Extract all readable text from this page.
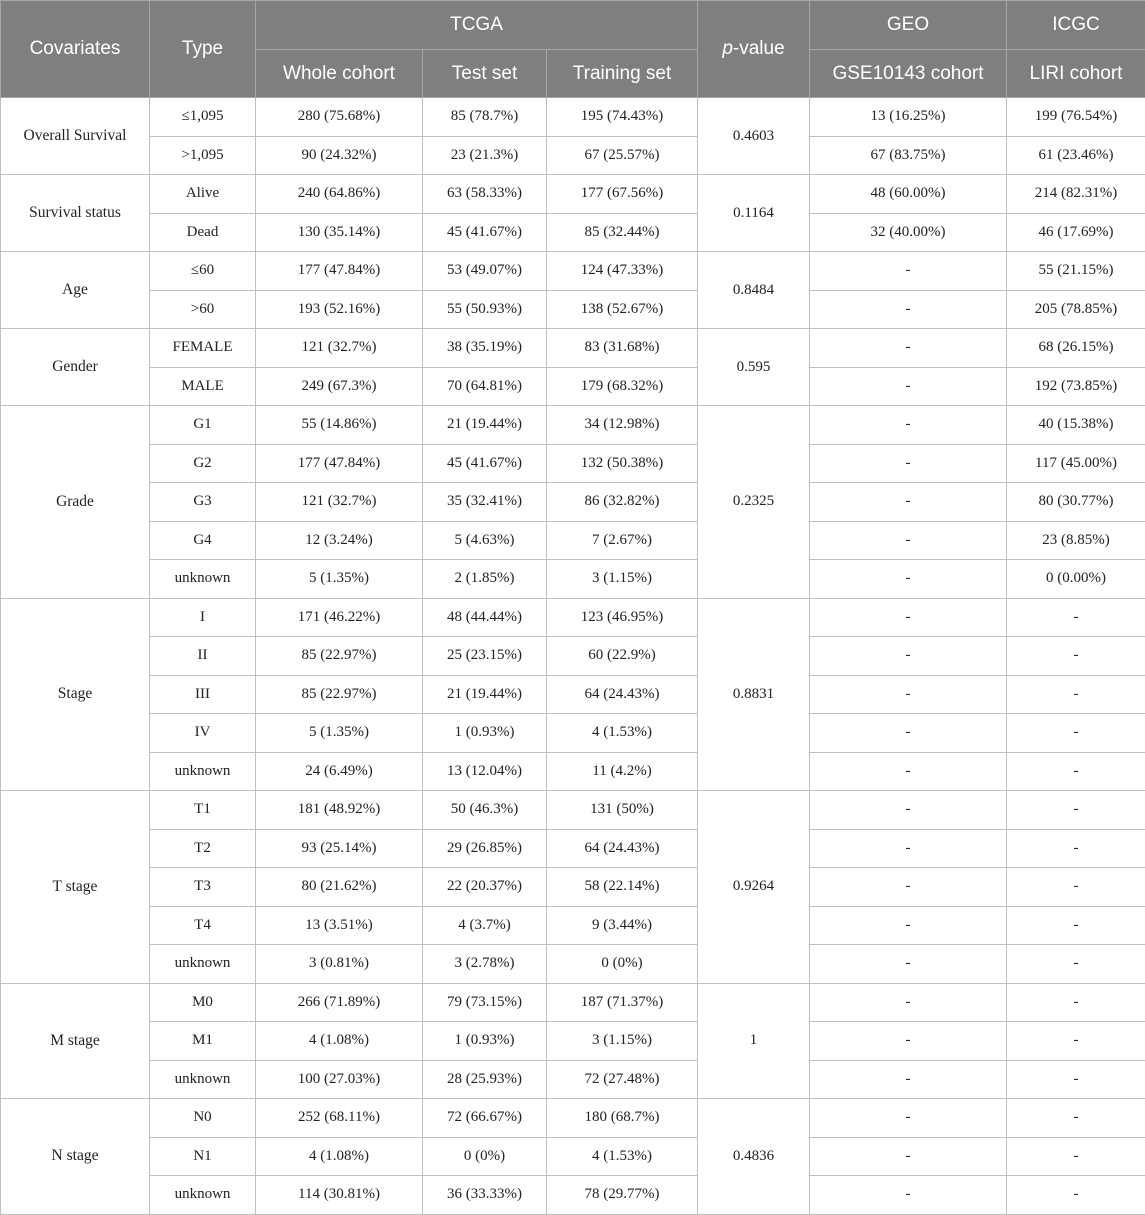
Covariates	Type	TCGA			p-value	GEO	ICGC
		Whole cohort	Test set	Training set		GSE10143 cohort	LIRI cohort
Overall Survival	≤1,095	280 (75.68%)	85 (78.7%)	195 (74.43%)	0.4603	13 (16.25%)	199 (76.54%)
	>1,095	90 (24.32%)	23 (21.3%)	67 (25.57%)		67 (83.75%)	61 (23.46%)
Survival status	Alive	240 (64.86%)	63 (58.33%)	177 (67.56%)	0.1164	48 (60.00%)	214 (82.31%)
	Dead	130 (35.14%)	45 (41.67%)	85 (32.44%)		32 (40.00%)	46 (17.69%)
Age	≤60	177 (47.84%)	53 (49.07%)	124 (47.33%)	0.8484	-	55 (21.15%)
	>60	193 (52.16%)	55 (50.93%)	138 (52.67%)		-	205 (78.85%)
Gender	FEMALE	121 (32.7%)	38 (35.19%)	83 (31.68%)	0.595	-	68 (26.15%)
	MALE	249 (67.3%)	70 (64.81%)	179 (68.32%)		-	192 (73.85%)
Grade	G1	55 (14.86%)	21 (19.44%)	34 (12.98%)	0.2325	-	40 (15.38%)
	G2	177 (47.84%)	45 (41.67%)	132 (50.38%)		-	117 (45.00%)
	G3	121 (32.7%)	35 (32.41%)	86 (32.82%)		-	80 (30.77%)
	G4	12 (3.24%)	5 (4.63%)	7 (2.67%)		-	23 (8.85%)
	unknown	5 (1.35%)	2 (1.85%)	3 (1.15%)		-	0 (0.00%)
Stage	I	171 (46.22%)	48 (44.44%)	123 (46.95%)	0.8831	-	-
	II	85 (22.97%)	25 (23.15%)	60 (22.9%)		-	-
	III	85 (22.97%)	21 (19.44%)	64 (24.43%)		-	-
	IV	5 (1.35%)	1 (0.93%)	4 (1.53%)		-	-
	unknown	24 (6.49%)	13 (12.04%)	11 (4.2%)		-	-
T stage	T1	181 (48.92%)	50 (46.3%)	131 (50%)	0.9264	-	-
	T2	93 (25.14%)	29 (26.85%)	64 (24.43%)		-	-
	T3	80 (21.62%)	22 (20.37%)	58 (22.14%)		-	-
	T4	13 (3.51%)	4 (3.7%)	9 (3.44%)		-	-
	unknown	3 (0.81%)	3 (2.78%)	0 (0%)		-	-
M stage	M0	266 (71.89%)	79 (73.15%)	187 (71.37%)	1	-	-
	M1	4 (1.08%)	1 (0.93%)	3 (1.15%)		-	-
	unknown	100 (27.03%)	28 (25.93%)	72 (27.48%)		-	-
N stage	N0	252 (68.11%)	72 (66.67%)	180 (68.7%)	0.4836	-	-
	N1	4 (1.08%)	0 (0%)	4 (1.53%)		-	-
	unknown	114 (30.81%)	36 (33.33%)	78 (29.77%)		-	-
